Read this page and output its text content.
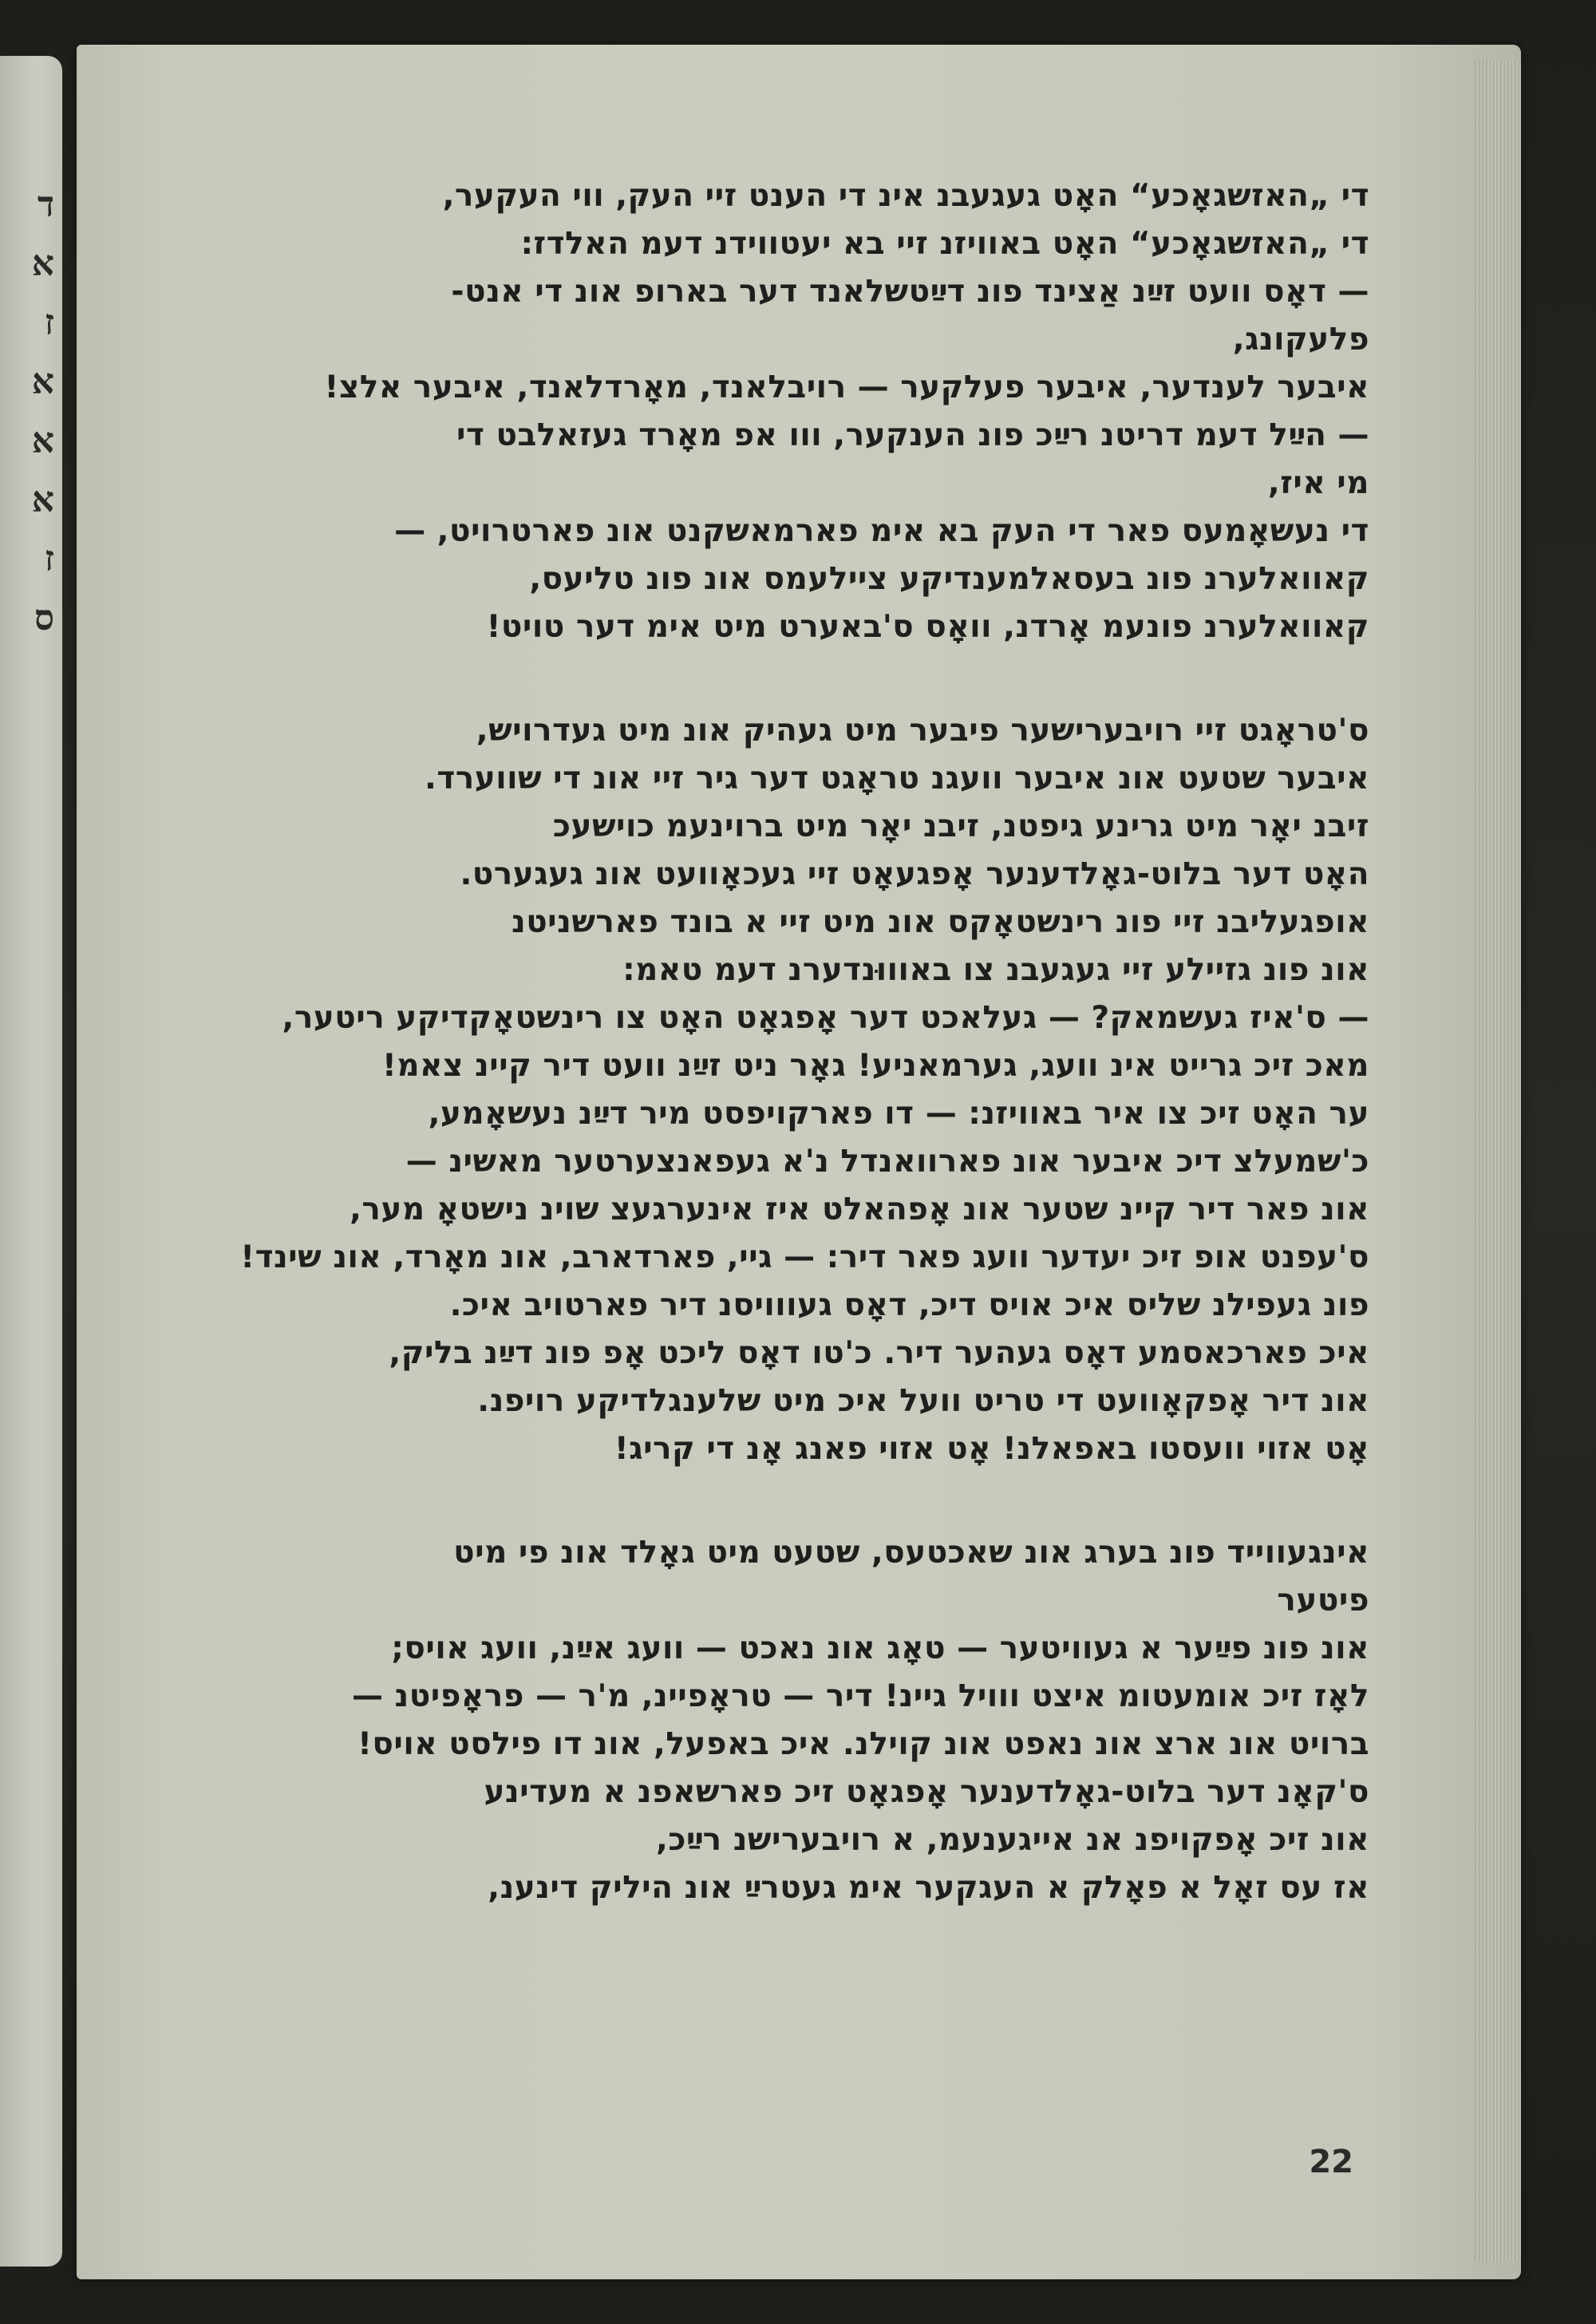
ד
א
ז
א
א
א
ז
ס
די „האזשגאָכע“ האָט געגעבנ אינ די הענט זיי העק, ווי העקער,
די „האזשגאָכע“ האָט באוויזנ זיי בא יעטווידנ דעמ האלדז:
— דאָס וועט זײַנ אַצינד פונ דײַטשלאנד דער בארופ אונ די אנט-
פלעקונג,
איבער לענדער, איבער פעלקער — רויבלאנד, מאָרדלאנד, איבער אלצ!
— הײַל דעמ דריטנ רײַכ פונ הענקער, ווו אפ מאָרד געזאלבט די
מי איז,
די נעשאָמעס פאר די העק בא אימ פארמאשקנט אונ פארטרויט, —
קאוואלערנ פונ בעסאלמענדיקע ציילעמס אונ פונ טליעס,
קאוואלערנ פונעמ אָרדנ, וואָס ס'באערט מיט אימ דער טויט!
ס'טראָגט זיי רויבערישער פיבער מיט געהיק אונ מיט געדרויש,
איבער שטעט אונ איבער וועגנ טראָגט דער גיר זיי אונ די שווערד.
זיבנ יאָר מיט גרינע גיפטנ, זיבנ יאָר מיט ברוינעמ כוישעכ
האָט דער בלוט-גאָלדענער אָפגעאָט זיי געכאָוועט אונ געגערט.
אופגעליבנ זיי פונ רינשטאָקס אונ מיט זיי א בונד פארשניטנ
אונ פונ גזיילע זיי געגעבנ צו באוווּנדערנ דעמ טאמ:
— ס'איז געשמאק? — געלאכט דער אָפגאָט האָט צו רינשטאָקדיקע ריטער,
מאכ זיכ גרייט אינ וועג, גערמאניע! גאָר ניט זײַנ וועט דיר קיינ צאמ!
ער האָט זיכ צו איר באוויזנ: — דו פארקויפסט מיר דײַנ נעשאָמע,
כ'שמעלצ דיכ איבער אונ פארוואנדל נ'א געפאנצערטער מאשינ —
אונ פאר דיר קיינ שטער אונ אָפהאלט איז אינערגעצ שוינ נישטאָ מער,
ס'עפנט אופ זיכ יעדער וועג פאר דיר: — גיי, פארדארב, אונ מאָרד, אונ שינד!
פונ געפילנ שליס איכ אויס דיכ, דאָס געווויסנ דיר פארטויב איכ.
איכ פארכאסמע דאָס געהער דיר. כ'טו דאָס ליכט אָפ פונ דײַנ בליק,
אונ דיר אָפקאָוועט די טריט וועל איכ מיט שלענגלדיקע רויפנ.
אָט אזוי וועסטו באפאלנ! אָט אזוי פאנג אָנ די קריג!
אינגעווייד פונ בערג אונ שאכטעס, שטעט מיט גאָלד אונ פי מיט
פיטער
אונ פונ פײַער א געוויטער — טאָג אונ נאכט — וועג אײַנ, וועג אויס;
לאָז זיכ אומעטומ איצט ווויל גיינ! דיר — טראָפיינ, מ'ר — פראָפיטנ —
ברויט אונ ארצ אונ נאפט אונ קוילנ. איכ באפעל, אונ דו פילסט אויס!
ס'קאָנ דער בלוט-גאָלדענער אָפגאָט זיכ פארשאפנ א מעדינע
אונ זיכ אָפקויפנ אנ אייגענעמ, א רויבערישנ רײַכ,
אז עס זאָל א פאָלק א העגקער אימ געטרײַ אונ היליק דינענ,
22
